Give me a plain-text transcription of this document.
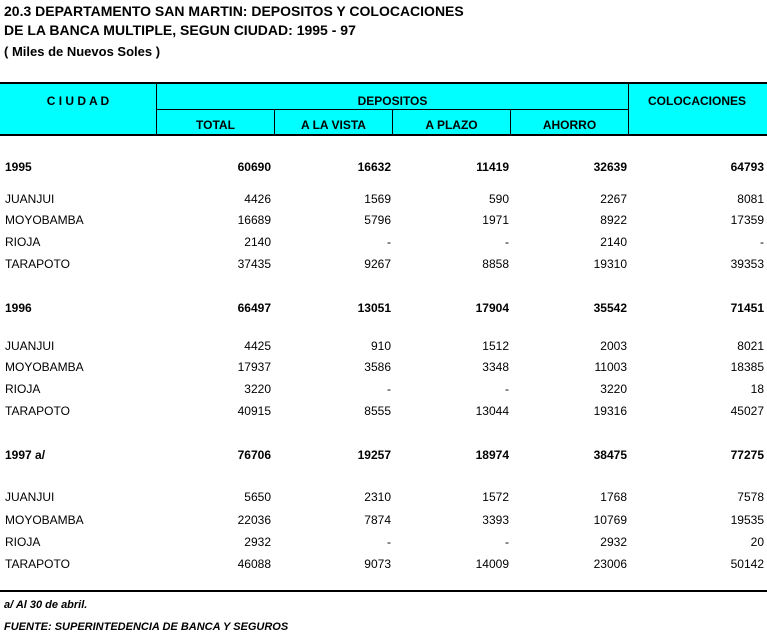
20.3 DEPARTAMENTO SAN MARTIN: DEPOSITOS Y COLOCACIONES
DE LA BANCA MULTIPLE, SEGUN CIUDAD: 1995 - 97
( Miles de Nuevos Soles )
C I U D A D	DEPOSITOS	COLOCACIONES
TOTAL	A LA VISTA	A PLAZO	AHORRO
1995	60690	16632	11419	32639	64793
JUANJUI	4426	1569	590	2267	8081
MOYOBAMBA	16689	5796	1971	8922	17359
RIOJA	2140	-	-	2140	-
TARAPOTO	37435	9267	8858	19310	39353
1996	66497	13051	17904	35542	71451
JUANJUI	4425	910	1512	2003	8021
MOYOBAMBA	17937	3586	3348	11003	18385
RIOJA	3220	-	-	3220	18
TARAPOTO	40915	8555	13044	19316	45027
1997 a/	76706	19257	18974	38475	77275
JUANJUI	5650	2310	1572	1768	7578
MOYOBAMBA	22036	7874	3393	10769	19535
RIOJA	2932	-	-	2932	20
TARAPOTO	46088	9073	14009	23006	50142
a/ Al 30 de abril.
FUENTE: SUPERINTEDENCIA DE BANCA Y SEGUROS
